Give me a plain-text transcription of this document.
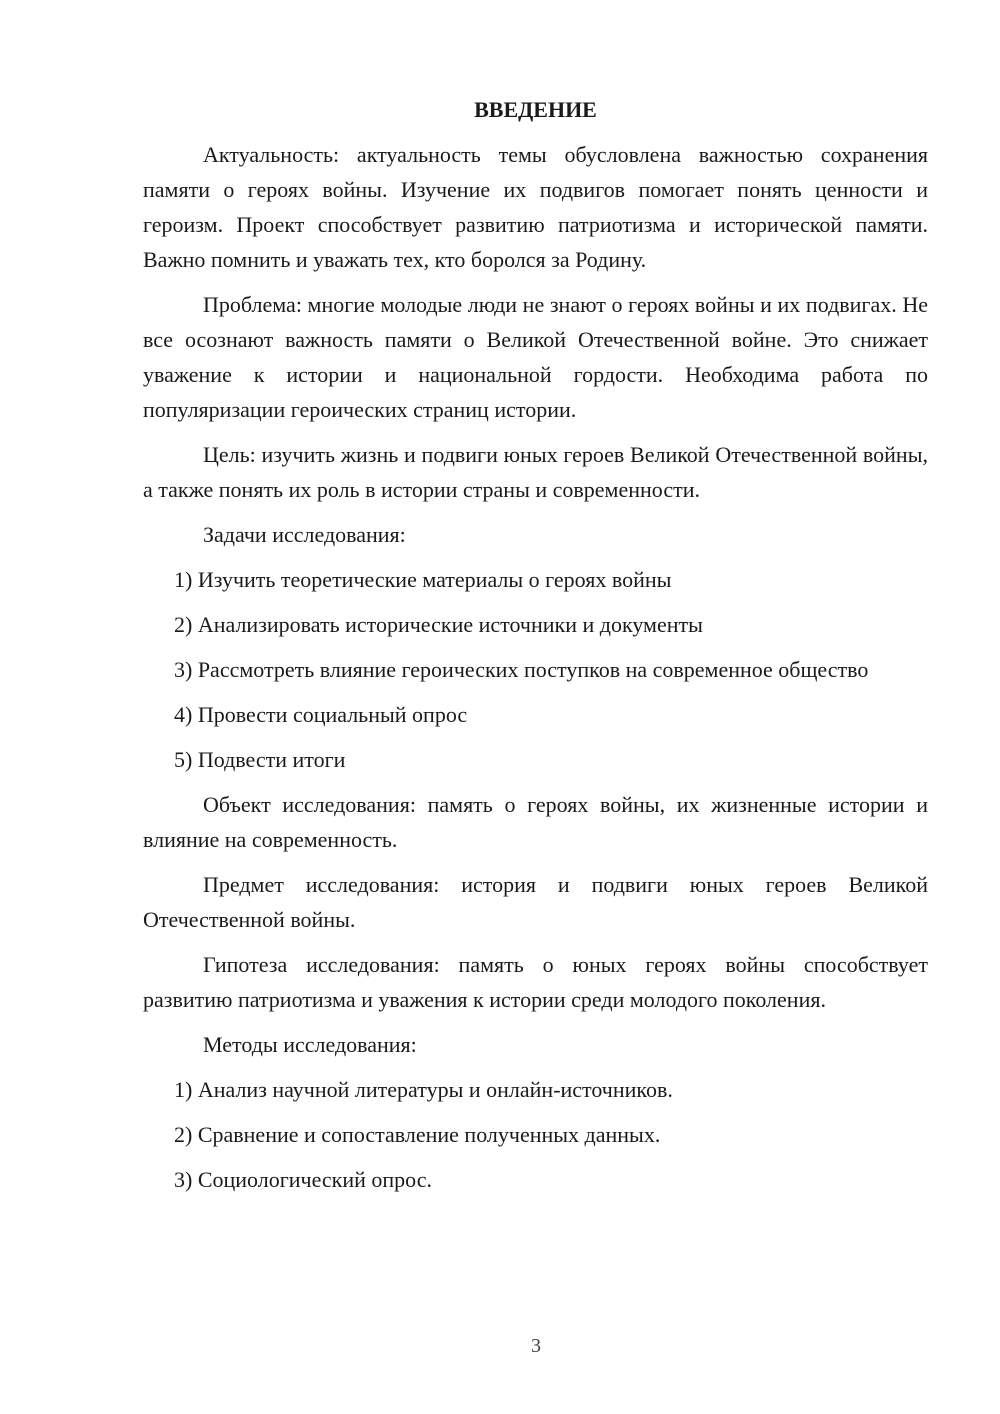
ВВЕДЕНИЕ

Актуальность: актуальность темы обусловлена важностью сохранения памяти о героях войны. Изучение их подвигов помогает понять ценности и героизм. Проект способствует развитию патриотизма и исторической памяти. Важно помнить и уважать тех, кто боролся за Родину.

Проблема: многие молодые люди не знают о героях войны и их подвигах. Не все осознают важность памяти о Великой Отечественной войне. Это снижает уважение к истории и национальной гордости. Необходима работа по популяризации героических страниц истории.

Цель: изучить жизнь и подвиги юных героев Великой Отечественной войны, а также понять их роль в истории страны и современности.

Задачи исследования:

1) Изучить теоретические материалы о героях войны

2) Анализировать исторические источники и документы

3) Рассмотреть влияние героических поступков на современное общество

4) Провести социальный опрос

5) Подвести итоги

Объект исследования: память о героях войны, их жизненные истории и влияние на современность.

Предмет исследования: история и подвиги юных героев Великой Отечественной войны.

Гипотеза исследования: память о юных героях войны способствует развитию патриотизма и уважения к истории среди молодого поколения.

Методы исследования:

1) Анализ научной литературы и онлайн-источников.

2) Сравнение и сопоставление полученных данных.

3) Социологический опрос.

3
